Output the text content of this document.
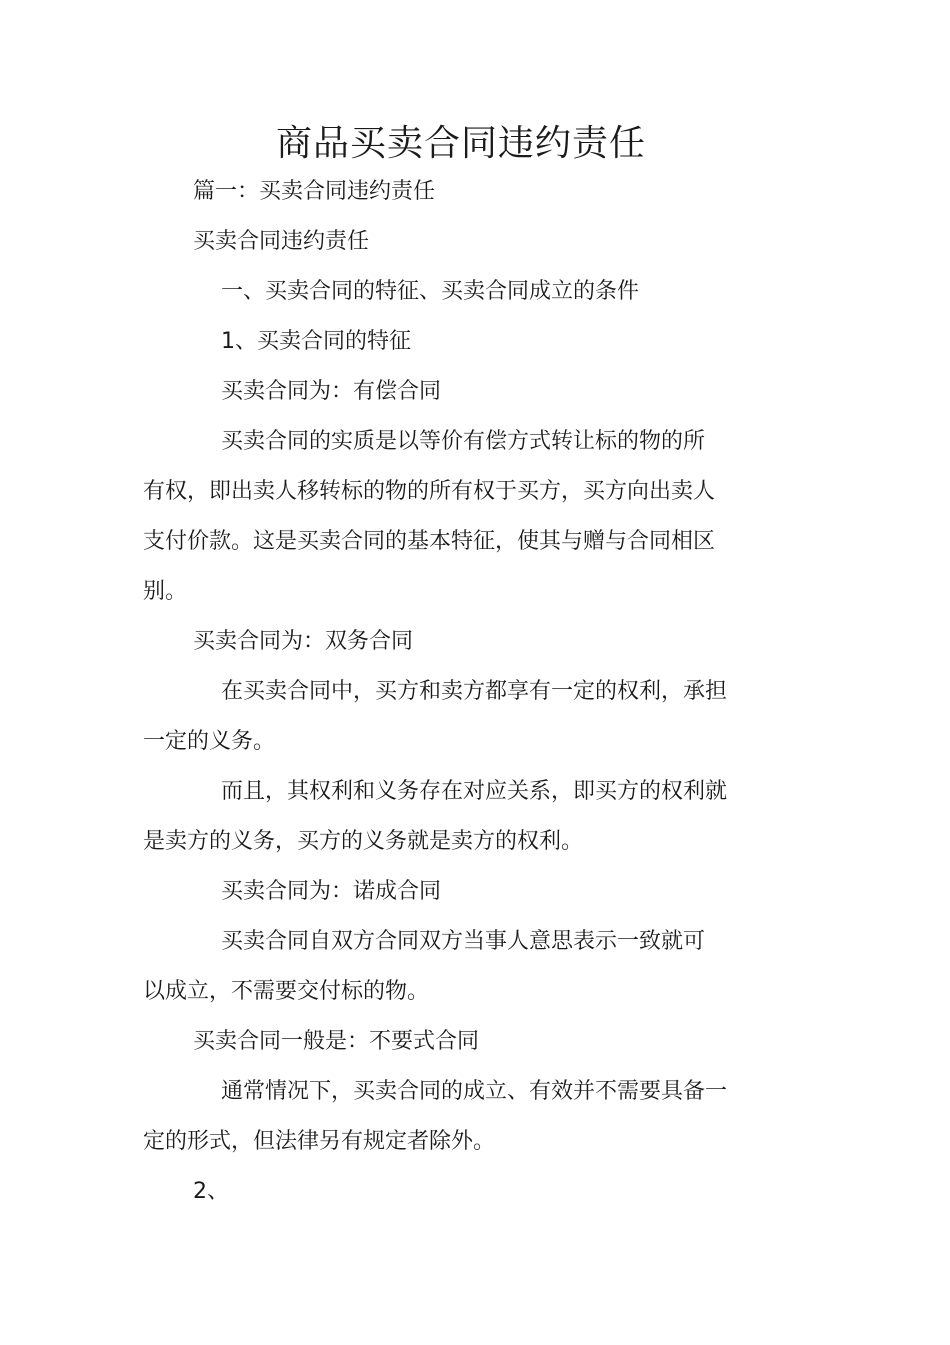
商品买卖合同违约责任

篇一：买卖合同违约责任

买卖合同违约责任

一、买卖合同的特征、买卖合同成立的条件

1、买卖合同的特征

买卖合同为：有偿合同

买卖合同的实质是以等价有偿方式转让标的物的所

有权，即出卖人移转标的物的所有权于买方，买方向出卖人

支付价款。这是买卖合同的基本特征，使其与赠与合同相区

别。

买卖合同为：双务合同

在买卖合同中，买方和卖方都享有一定的权利，承担

一定的义务。

而且，其权利和义务存在对应关系，即买方的权利就

是卖方的义务，买方的义务就是卖方的权利。

买卖合同为：诺成合同

买卖合同自双方合同双方当事人意思表示一致就可

以成立，不需要交付标的物。

买卖合同一般是：不要式合同

通常情况下，买卖合同的成立、有效并不需要具备一

定的形式，但法律另有规定者除外。

2、
